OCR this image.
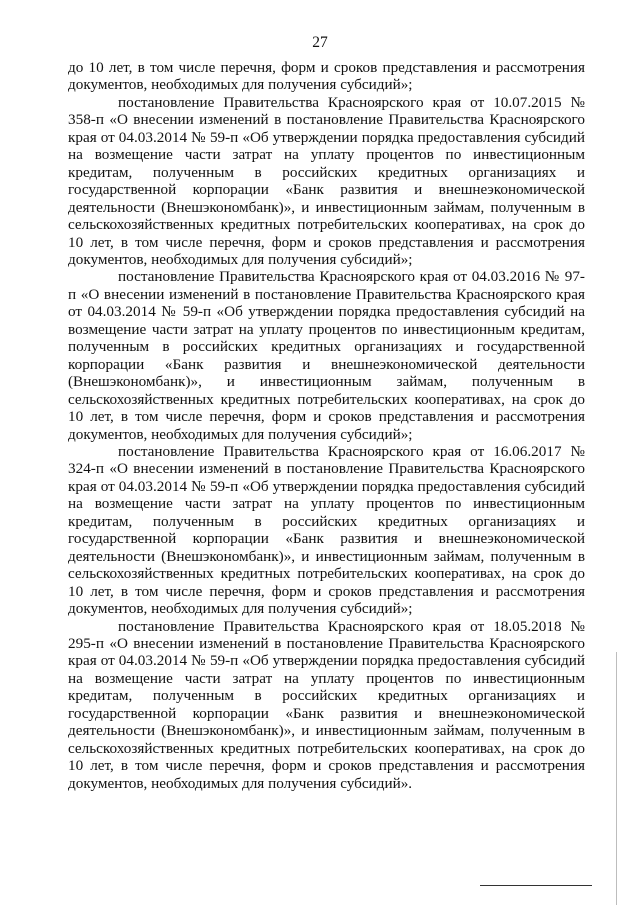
27

до 10 лет, в том числе перечня, форм и сроков представления и рассмотрения документов, необходимых для получения субсидий»;

постановление Правительства Красноярского края от 10.07.2015 № 358-п «О внесении изменений в постановление Правительства Красноярского края от 04.03.2014 № 59-п «Об утверждении порядка предоставления субсидий на возмещение части затрат на уплату процентов по инвестиционным кредитам, полученным в российских кредитных организациях и государственной корпорации «Банк развития и внешнеэкономической деятельности (Внешэкономбанк)», и инвестиционным займам, полученным в сельскохозяйственных кредитных потребительских кооперативах, на срок до 10 лет, в том числе перечня, форм и сроков представления и рассмотрения документов, необходимых для получения субсидий»;

постановление Правительства Красноярского края от 04.03.2016 № 97-п «О внесении изменений в постановление Правительства Красноярского края от 04.03.2014 № 59-п «Об утверждении порядка предоставления субсидий на возмещение части затрат на уплату процентов по инвестиционным кредитам, полученным в российских кредитных организациях и государственной корпорации «Банк развития и внешнеэкономической деятельности (Внешэкономбанк)», и инвестиционным займам, полученным в сельскохозяйственных кредитных потребительских кооперативах, на срок до 10 лет, в том числе перечня, форм и сроков представления и рассмотрения документов, необходимых для получения субсидий»;

постановление Правительства Красноярского края от 16.06.2017 № 324-п «О внесении изменений в постановление Правительства Красноярского края от 04.03.2014 № 59-п «Об утверждении порядка предоставления субсидий на возмещение части затрат на уплату процентов по инвестиционным кредитам, полученным в российских кредитных организациях и государственной корпорации «Банк развития и внешнеэкономической деятельности (Внешэкономбанк)», и инвестиционным займам, полученным в сельскохозяйственных кредитных потребительских кооперативах, на срок до 10 лет, в том числе перечня, форм и сроков представления и рассмотрения документов, необходимых для получения субсидий»;

постановление Правительства Красноярского края от 18.05.2018 № 295-п «О внесении изменений в постановление Правительства Красноярского края от 04.03.2014 № 59-п «Об утверждении порядка предоставления субсидий на возмещение части затрат на уплату процентов по инвестиционным кредитам, полученным в российских кредитных организациях и государственной корпорации «Банк развития и внешнеэкономической деятельности (Внешэкономбанк)», и инвестиционным займам, полученным в сельскохозяйственных кредитных потребительских кооперативах, на срок до 10 лет, в том числе перечня, форм и сроков представления и рассмотрения документов, необходимых для получения субсидий».
